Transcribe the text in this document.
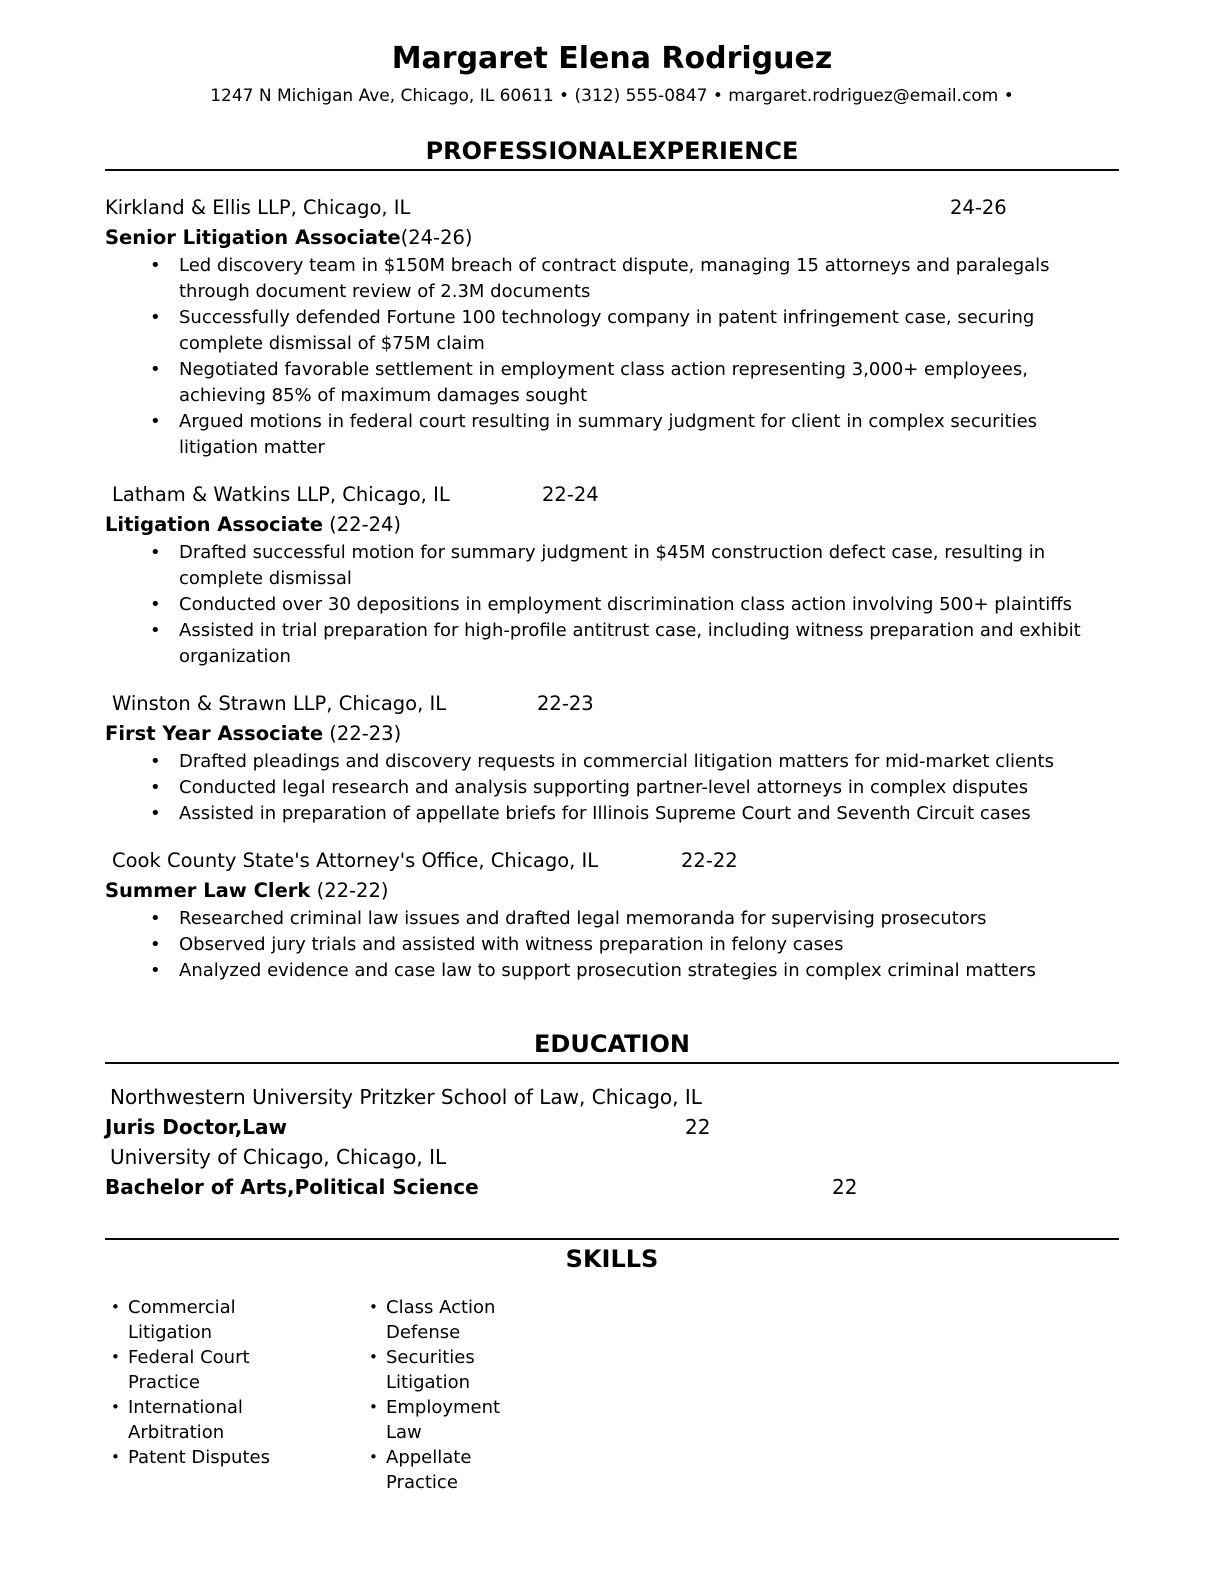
Margaret Elena Rodriguez
1247 N Michigan Ave, Chicago, IL 60611 • (312) 555-0847 • margaret.rodriguez@email.com •
PROFESSIONALEXPERIENCE
Kirkland & Ellis LLP, Chicago, IL	24-26
Senior Litigation Associate(24-26)
•	Led discovery team in $150M breach of contract dispute, managing 15 attorneys and paralegals through document review of 2.3M documents
•	Successfully defended Fortune 100 technology company in patent infringement case, securing complete dismissal of $75M claim
•	Negotiated favorable settlement in employment class action representing 3,000+ employees, achieving 85% of maximum damages sought
•	Argued motions in federal court resulting in summary judgment for client in complex securities litigation matter
Latham & Watkins LLP, Chicago, IL	22-24
Litigation Associate (22-24)
•	Drafted successful motion for summary judgment in $45M construction defect case, resulting in complete dismissal
•	Conducted over 30 depositions in employment discrimination class action involving 500+ plaintiffs
•	Assisted in trial preparation for high-profile antitrust case, including witness preparation and exhibit organization
Winston & Strawn LLP, Chicago, IL	22-23
First Year Associate (22-23)
•	Drafted pleadings and discovery requests in commercial litigation matters for mid-market clients
•	Conducted legal research and analysis supporting partner-level attorneys in complex disputes
•	Assisted in preparation of appellate briefs for Illinois Supreme Court and Seventh Circuit cases
Cook County State's Attorney's Office, Chicago, IL	22-22
Summer Law Clerk (22-22)
•	Researched criminal law issues and drafted legal memoranda for supervising prosecutors
•	Observed jury trials and assisted with witness preparation in felony cases
•	Analyzed evidence and case law to support prosecution strategies in complex criminal matters
EDUCATION
Northwestern University Pritzker School of Law, Chicago, IL
Juris Doctor,Law	22
University of Chicago, Chicago, IL
Bachelor of Arts,Political Science	22
SKILLS
• Commercial Litigation
• Federal Court Practice
• International Arbitration
• Patent Disputes
• Class Action Defense
• Securities Litigation
• Employment Law
• Appellate Practice
